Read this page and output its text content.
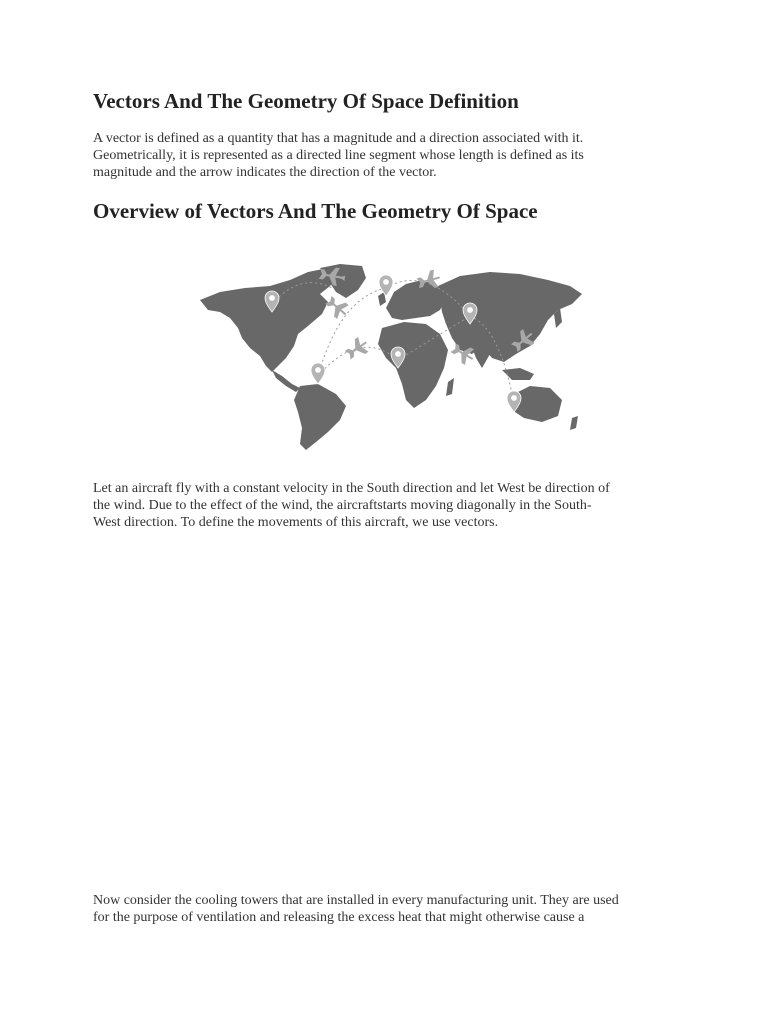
Vectors And The Geometry Of Space Definition
A vector is defined as a quantity that has a magnitude and a direction associated with it.
Geometrically, it is represented as a directed line segment whose length is defined as its
magnitude and the arrow indicates the direction of the vector.
Overview of Vectors And The Geometry Of Space
Let an aircraft fly with a constant velocity in the South direction and let West be direction of
the wind. Due to the effect of the wind, the aircraftstarts moving diagonally in the South-
West direction. To define the movements of this aircraft, we use vectors.
Now consider the cooling towers that are installed in every manufacturing unit. They are used
for the purpose of ventilation and releasing the excess heat that might otherwise cause a
